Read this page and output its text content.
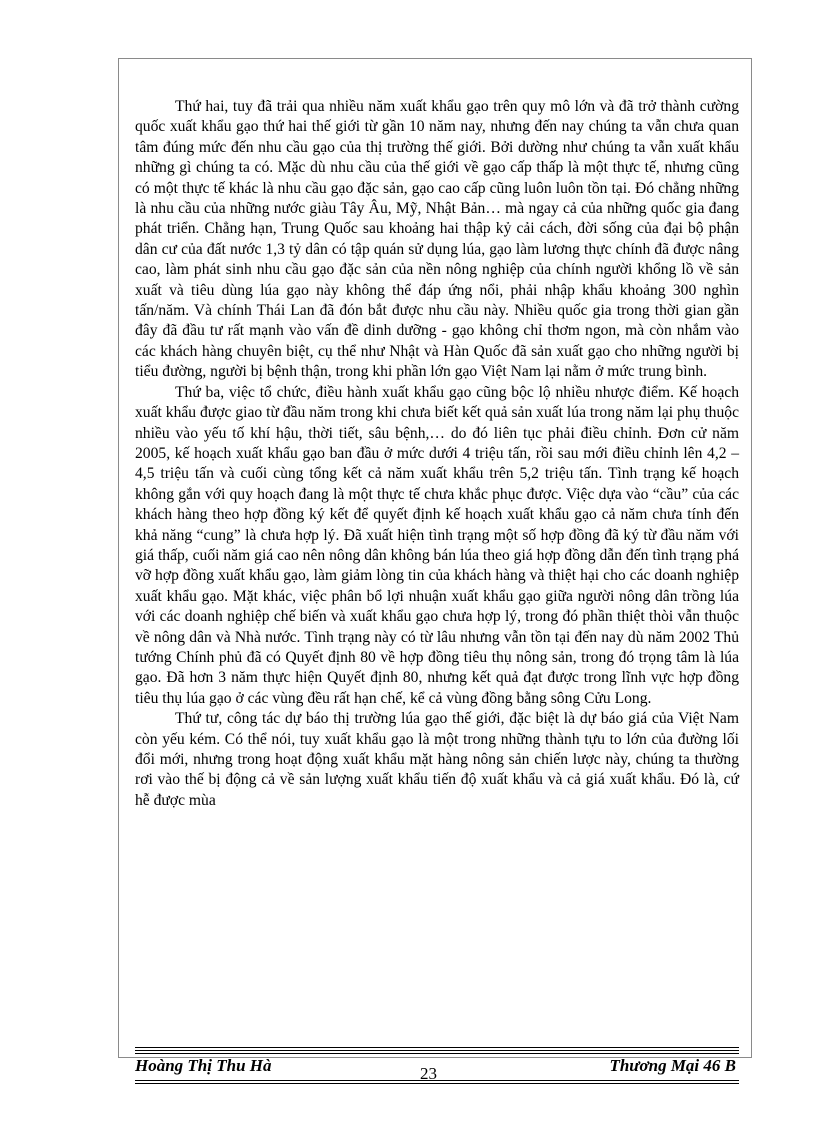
Thứ hai, tuy đã trải qua nhiều năm xuất khẩu gạo trên quy mô lớn và đã trở thành cường quốc xuất khẩu gạo thứ hai thế giới từ gần 10 năm nay, nhưng đến nay chúng ta vẫn chưa quan tâm đúng mức đến nhu cầu gạo của thị trường thế giới. Bởi dường như chúng ta vẫn xuất khẩu những gì chúng ta có. Mặc dù nhu cầu của thế giới về gạo cấp thấp là một thực tế, nhưng cũng có một thực tế khác là nhu cầu gạo đặc sản, gạo cao cấp cũng luôn luôn tồn tại. Đó chẳng những là nhu cầu của những nước giàu Tây Âu, Mỹ, Nhật Bản… mà ngay cả của những quốc gia đang phát triển. Chẳng hạn, Trung Quốc sau khoảng hai thập kỷ cải cách, đời sống của đại bộ phận dân cư của đất nước 1,3 tỷ dân có tập quán sử dụng lúa, gạo làm lương thực chính đã được nâng cao, làm phát sinh nhu cầu gạo đặc sản của nền nông nghiệp của chính người khổng lồ về sản xuất và tiêu dùng lúa gạo này không thể đáp ứng nổi, phải nhập khẩu khoảng 300 nghìn tấn/năm. Và chính Thái Lan đã đón bắt được nhu cầu này. Nhiều quốc gia trong thời gian gần đây đã đầu tư rất mạnh vào vấn đề dinh dưỡng - gạo không chỉ thơm ngon, mà còn nhắm vào các khách hàng chuyên biệt, cụ thể như Nhật và Hàn Quốc đã sản xuất gạo cho những người bị tiểu đường, người bị bệnh thận, trong khi phần lớn gạo Việt Nam lại nằm ở mức trung bình.

Thứ ba, việc tổ chức, điều hành xuất khẩu gạo cũng bộc lộ nhiều nhược điểm. Kế hoạch xuất khẩu được giao từ đầu năm trong khi chưa biết kết quả sản xuất lúa trong năm lại phụ thuộc nhiều vào yếu tố khí hậu, thời tiết, sâu bệnh,… do đó liên tục phải điều chỉnh. Đơn cử năm 2005, kế hoạch xuất khẩu gạo ban đầu ở mức dưới 4 triệu tấn, rồi sau mới điều chỉnh lên 4,2 – 4,5 triệu tấn và cuối cùng tổng kết cả năm xuất khẩu trên 5,2 triệu tấn. Tình trạng kế hoạch không gắn với quy hoạch đang là một thực tế chưa khắc phục được. Việc dựa vào “cầu” của các khách hàng theo hợp đồng ký kết để quyết định kế hoạch xuất khẩu gạo cả năm chưa tính đến khả năng “cung” là chưa hợp lý. Đã xuất hiện tình trạng một số hợp đồng đã ký từ đầu năm với giá thấp, cuối năm giá cao nên nông dân không bán lúa theo giá hợp đồng dẫn đến tình trạng phá vỡ hợp đồng xuất khẩu gạo, làm giảm lòng tin của khách hàng và thiệt hại cho các doanh nghiệp xuất khẩu gạo. Mặt khác, việc phân bổ lợi nhuận xuất khẩu gạo giữa người nông dân trồng lúa với các doanh nghiệp chế biến và xuất khẩu gạo chưa hợp lý, trong đó phần thiệt thòi vẫn thuộc về nông dân và Nhà nước. Tình trạng này có từ lâu nhưng vẫn tồn tại đến nay dù năm 2002 Thủ tướng Chính phủ đã có Quyết định 80 về hợp đồng tiêu thụ nông sản, trong đó trọng tâm là lúa gạo. Đã hơn 3 năm thực hiện Quyết định 80, nhưng kết quả đạt được trong lĩnh vực hợp đồng tiêu thụ lúa gạo ở các vùng đều rất hạn chế, kể cả vùng đồng bằng sông Cửu Long.

Thứ tư, công tác dự báo thị trường lúa gạo thế giới, đặc biệt là dự báo giá của Việt Nam còn yếu kém. Có thể nói, tuy xuất khẩu gạo là một trong những thành tựu to lớn của đường lối đổi mới, nhưng trong hoạt động xuất khẩu mặt hàng nông sản chiến lược này, chúng ta thường rơi vào thế bị động cả về sản lượng xuất khẩu tiến độ xuất khẩu và cả giá xuất khẩu. Đó là, cứ hễ được mùa

Hoàng Thị Thu Hà	23	Thương Mại 46 B
